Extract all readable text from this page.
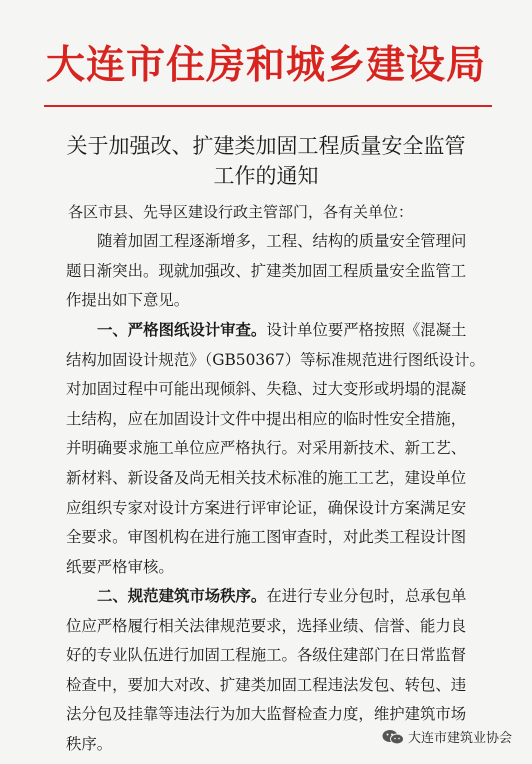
大连市住房和城乡建设局
关于加强改、扩建类加固工程质量安全监管
工作的通知
各区市县、先导区建设行政主管部门，各有关单位：
随着加固工程逐渐增多，工程、结构的质量安全管理问
题日渐突出。现就加强改、扩建类加固工程质量安全监管工
作提出如下意见。
一、严格图纸设计审查。设计单位要严格按照《混凝土
结构加固设计规范》（GB50367）等标准规范进行图纸设计。
对加固过程中可能出现倾斜、失稳、过大变形或坍塌的混凝
土结构，应在加固设计文件中提出相应的临时性安全措施，
并明确要求施工单位应严格执行。对采用新技术、新工艺、
新材料、新设备及尚无相关技术标准的施工工艺，建设单位
应组织专家对设计方案进行评审论证，确保设计方案满足安
全要求。审图机构在进行施工图审查时，对此类工程设计图
纸要严格审核。
二、规范建筑市场秩序。在进行专业分包时，总承包单
位应严格履行相关法律规范要求，选择业绩、信誉、能力良
好的专业队伍进行加固工程施工。各级住建部门在日常监督
检查中，要加大对改、扩建类加固工程违法发包、转包、违
法分包及挂靠等违法行为加大监督检查力度，维护建筑市场
秩序。	大连市建筑业协会
